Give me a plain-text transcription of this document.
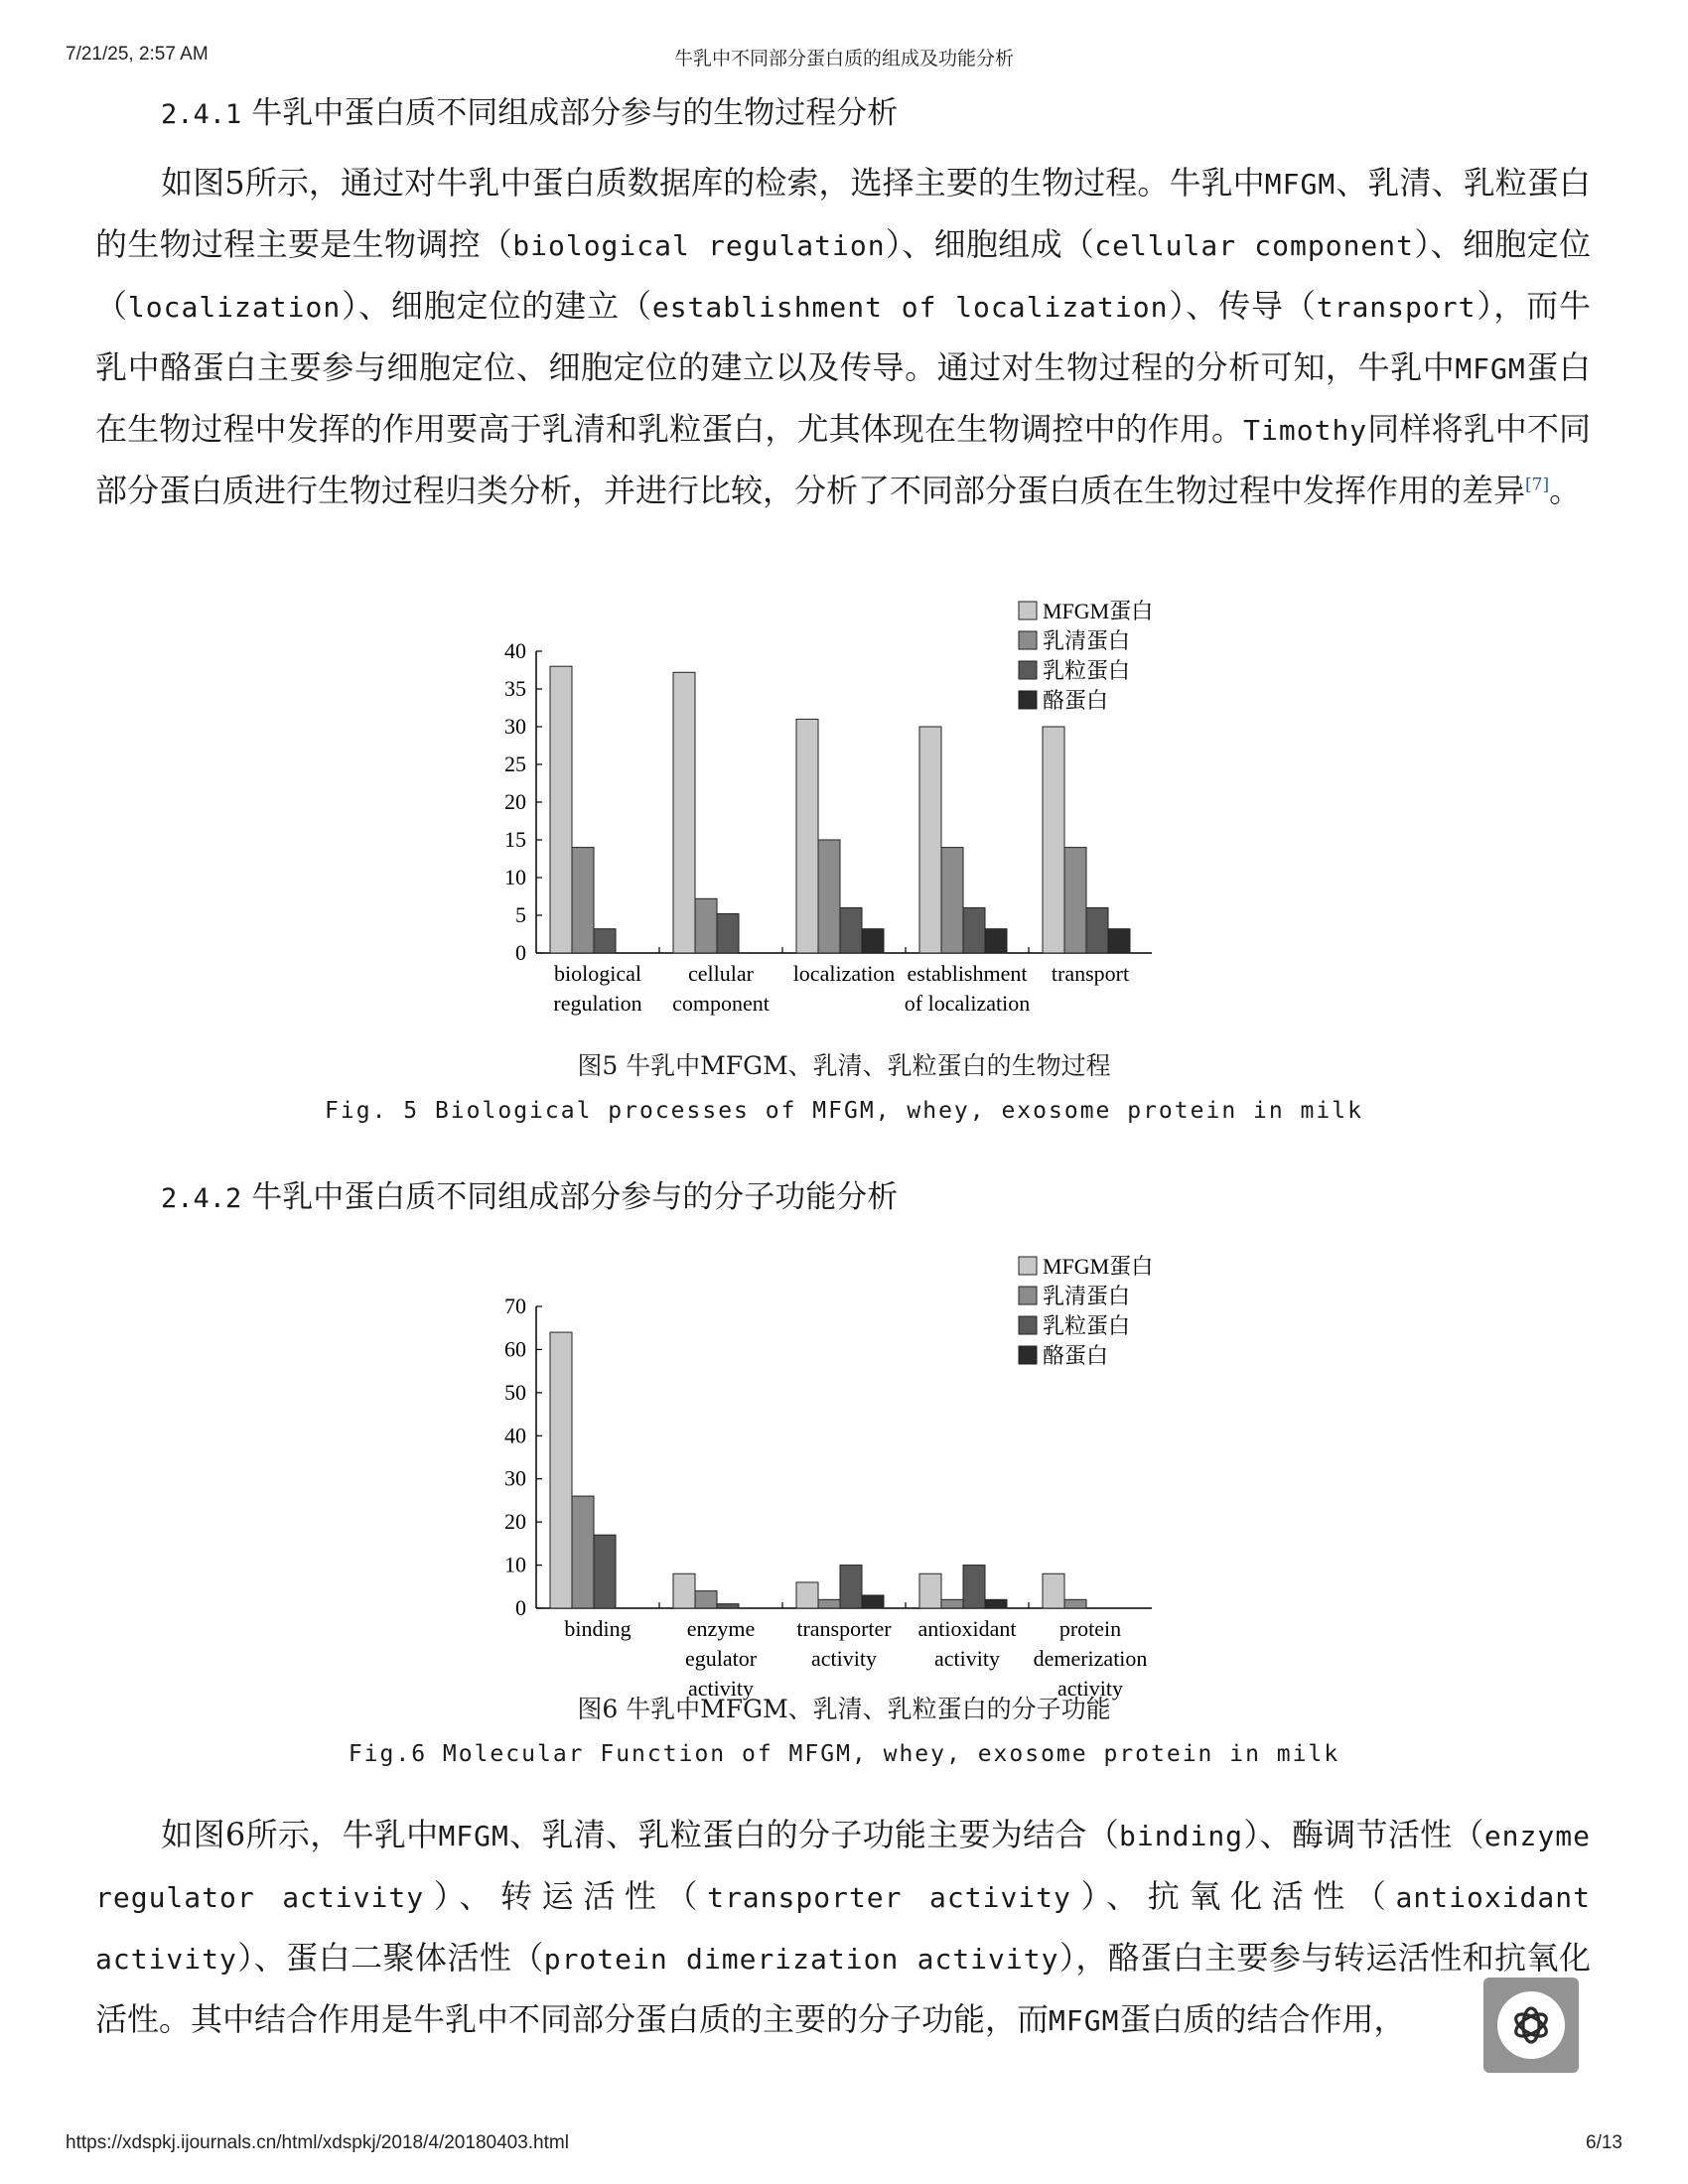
7/21/25, 2:57 AM	牛乳中不同部分蛋白质的组成及功能分析
2.4.1 牛乳中蛋白质不同组成部分参与的生物过程分析
如图5所示，通过对牛乳中蛋白质数据库的检索，选择主要的生物过程。牛乳中MFGM、乳清、乳粒蛋白的生物过程主要是生物调控（biological regulation）、细胞组成（cellular component）、细胞定位（localization）、细胞定位的建立（establishment of localization）、传导（transport），而牛乳中酪蛋白主要参与细胞定位、细胞定位的建立以及传导。通过对生物过程的分析可知，牛乳中MFGM蛋白在生物过程中发挥的作用要高于乳清和乳粒蛋白，尤其体现在生物调控中的作用。Timothy同样将乳中不同部分蛋白质进行生物过程归类分析，并进行比较，分析了不同部分蛋白质在生物过程中发挥作用的差异[7]。
0
5
10
15
20
25
30
35
40
biological
regulation
cellular
component
localization establishment
of localization
transport
MFGM蛋白
乳清蛋白
乳粒蛋白
酪蛋白
图5 牛乳中MFGM、乳清、乳粒蛋白的生物过程
Fig. 5 Biological processes of MFGM, whey, exosome protein in milk
2.4.2 牛乳中蛋白质不同组成部分参与的分子功能分析
0
10
20
30
40
50
60
70
binding	enzyme
egulator
activity
transporter
activity
antioxidant
activity
protein
demerization
activity
MFGM蛋白
乳清蛋白
乳粒蛋白
酪蛋白
图6 牛乳中MFGM、乳清、乳粒蛋白的分子功能
Fig.6 Molecular Function of MFGM, whey, exosome protein in milk
如图6所示，牛乳中MFGM、乳清、乳粒蛋白的分子功能主要为结合（binding）、酶调节活性（enzyme regulator activity）、转运活性（transporter activity）、抗氧化活性（antioxidant activity）、蛋白二聚体活性（protein dimerization activity），酪蛋白主要参与转运活性和抗氧化活性。其中结合作用是牛乳中不同部分蛋白质的主要的分子功能，而MFGM蛋白质的结合作用，
https://xdspkj.ijournals.cn/html/xdspkj/2018/4/20180403.html	6/13
